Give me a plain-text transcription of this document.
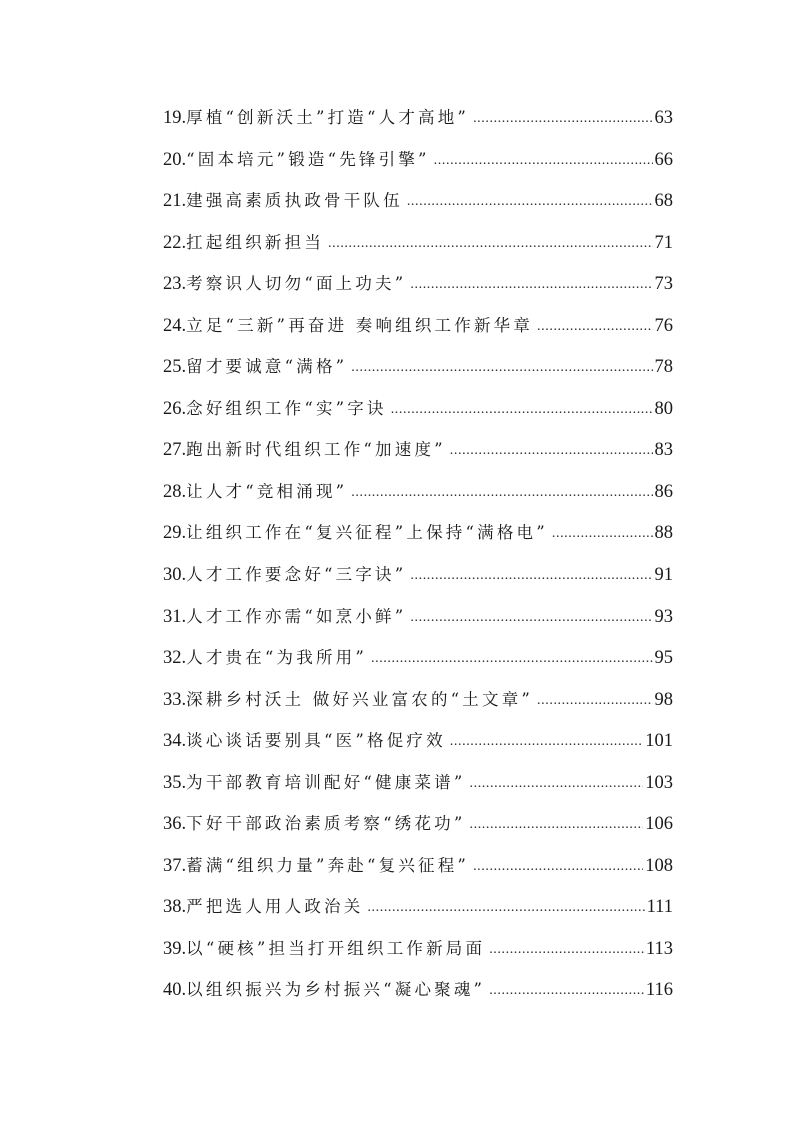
19. 厚植“创新沃土”打造“人才高地” .....	63
20. “固本培元”锻造“先锋引擎” .....	66
21. 建强高素质执政骨干队伍 .....	68
22. 扛起组织新担当 .....	71
23. 考察识人切勿“面上功夫” .....	73
24. 立足“三新”再奋进 奏响组织工作新华章 .....	76
25. 留才要诚意“满格” .....	78
26. 念好组织工作“实”字诀 .....	80
27. 跑出新时代组织工作“加速度” .....	83
28. 让人才“竞相涌现” .....	86
29. 让组织工作在“复兴征程”上保持“满格电” .....	88
30. 人才工作要念好“三字诀” .....	91
31. 人才工作亦需“如烹小鲜” .....	93
32. 人才贵在“为我所用” .....	95
33. 深耕乡村沃土 做好兴业富农的“土文章” .....	98
34. 谈心谈话要别具“医”格促疗效 .....	101
35. 为干部教育培训配好“健康菜谱” .....	103
36. 下好干部政治素质考察“绣花功” .....	106
37. 蓄满“组织力量”奔赴“复兴征程” .....	108
38. 严把选人用人政治关 .....	111
39. 以“硬核”担当打开组织工作新局面 .....	113
40. 以组织振兴为乡村振兴“凝心聚魂” .....	116
